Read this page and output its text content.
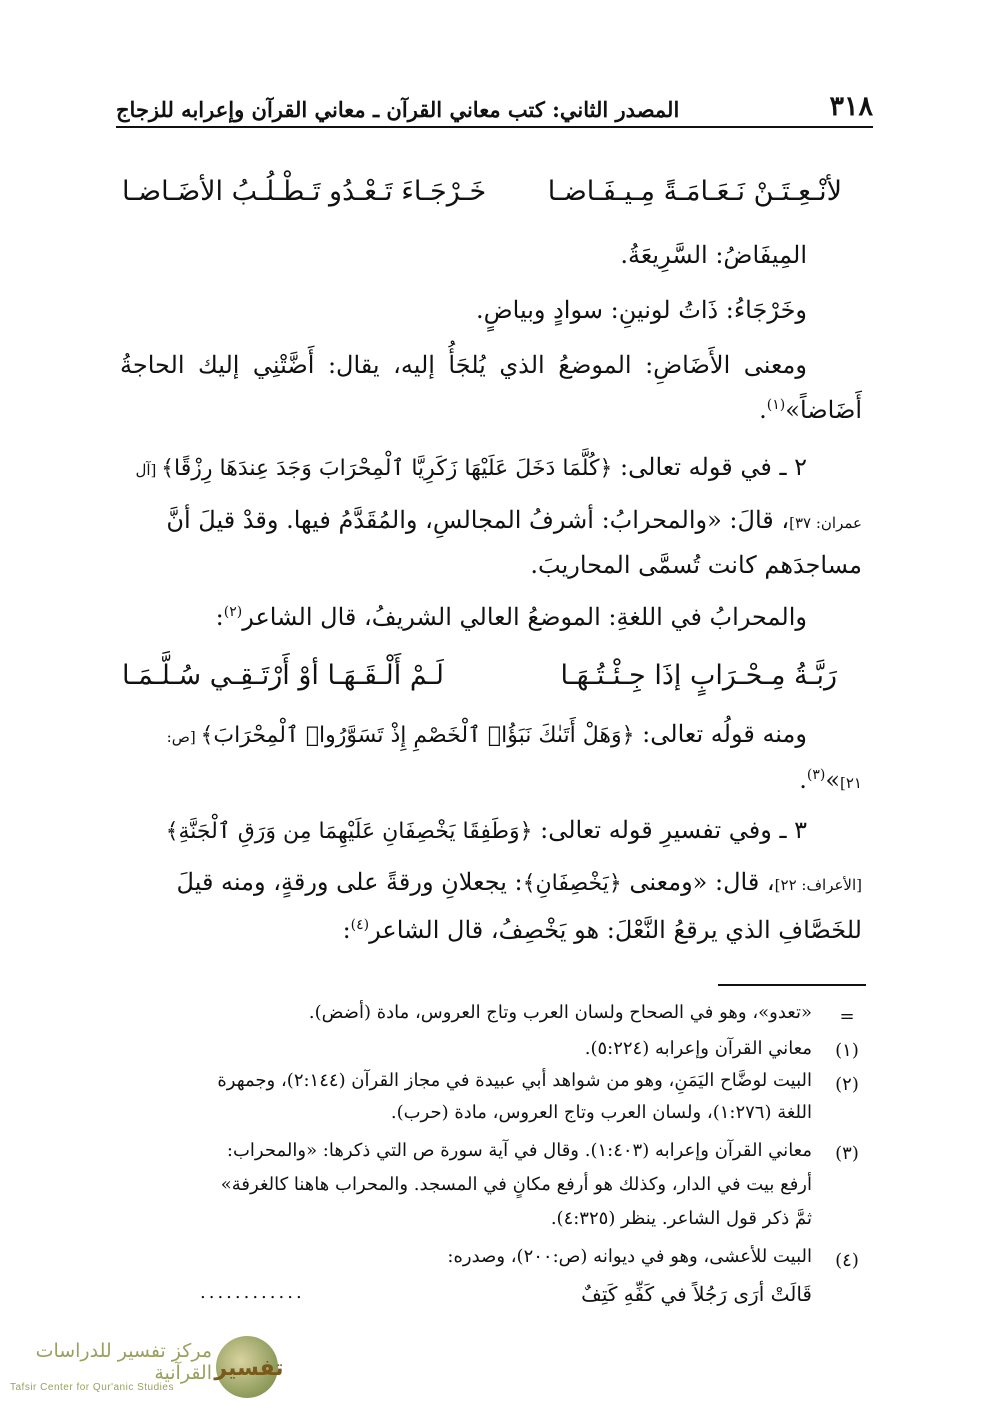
٣١٨
المصدر الثاني: كتب معاني القرآن ـ معاني القرآن وإعرابه للزجاج
لأنْـعِـتَـنْ نَـعَـامَـةً مِـيـفَـاضـا
خَـرْجَـاءَ تَـعْـدُو تَـطْـلُـبُ الأضَـاضـا
المِيفَاضُ: السَّرِيعَةُ.
وخَرْجَاءُ: ذَاتُ لونينِ: سوادٍ وبياضٍ.
ومعنى الأَضَاضِ: الموضعُ الذي يُلجَأُ إليه، يقال: أَضَّتْنِي إليك الحاجةُ
أَضَاضاً»$^{(١)}$.
٢ ـ في قوله تعالى: ﴿كُلَّمَا دَخَلَ عَلَيْهَا زَكَرِيَّا ٱلْمِحْرَابَ وَجَدَ عِندَهَا رِزْقًا﴾ [آل
عمران: ٣٧]، قالَ: «والمحرابُ: أشرفُ المجالسِ، والمُقَدَّمُ فيها. وقدْ قيلَ أنَّ
مساجدَهم كانت تُسمَّى المحاريبَ.
والمحرابُ في اللغةِ: الموضعُ العالي الشريفُ، قال الشاعر$^{(٢)}$:
ومنه قولُه تعالى: ﴿وَهَلْ أَتَىٰكَ نَبَؤُا۟ ٱلْخَصْمِ إِذْ تَسَوَّرُوا۟ ٱلْمِحْرَابَ﴾ [ص:
٢١]»$^{(٣)}$.
٣ ـ وفي تفسيرِ قوله تعالى: ﴿وَطَفِقَا يَخْصِفَانِ عَلَيْهِمَا مِن وَرَقِ ٱلْجَنَّةِ﴾
[الأعراف: ٢٢]، قال: «ومعنى ﴿يَخْصِفَانِ﴾: يجعلانِ ورقةً على ورقةٍ، ومنه قيلَ
للخَصَّافِ الذي يرقعُ النَّعْلَ: هو يَخْصِفُ، قال الشاعر$^{(٤)}$:
رَبَّـةُ مِـحْـرَابٍ إذَا جِـئْـتُـهَـا
لَـمْ أَلْـقَـهَـا أوْ أَرْتَـقِـي سُـلَّـمَـا
=
«تعدو»، وهو في الصحاح ولسان العرب وتاج العروس، مادة (أضض).
(١)
معاني القرآن وإعرابه (٥:٢٢٤).
(٢)
البيت لوضَّاح اليَمَنِ، وهو من شواهد أبي عبيدة في مجاز القرآن (٢:١٤٤)، وجمهرة
اللغة (١:٢٧٦)، ولسان العرب وتاج العروس، مادة (حرب).
(٣)
معاني القرآن وإعرابه (١:٤٠٣). وقال في آية سورة ص التي ذكرها: «والمحراب:
أرفع بيت في الدار، وكذلك هو أرفع مكانٍ في المسجد. والمحراب هاهنا كالغرفة»
ثمَّ ذكر قول الشاعر. ينظر (٤:٣٢٥).
(٤)
البيت للأعشى، وهو في ديوانه (ص:٢٠٠)، وصدره:
قَالَتْ أرَى رَجُلاً في كَفِّهِ كَتِفٌ
............
تفسير
مركز تفسير للدراسات القرآنية
Tafsir Center for Qur'anic Studies
